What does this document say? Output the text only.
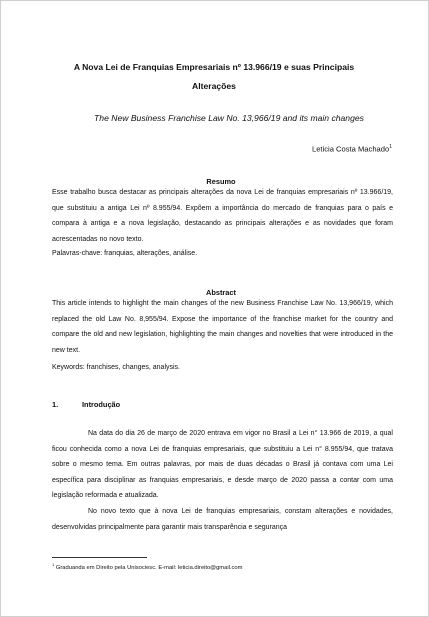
A Nova Lei de Franquias Empresariais nº 13.966/19 e suas Principais Alterações
The New Business Franchise Law No. 13,966/19 and its main changes
Leticia Costa Machado$^1$
Resumo
Esse trabalho busca destacar as principais alterações da nova Lei de franquias empresariais nº 13.966/19, que substituiu a antiga Lei nº 8.955/94. Expõem a importância do mercado de franquias para o país e compara à antiga e a nova legislação, destacando as principais alterações e as novidades que foram acrescentadas no novo texto.
Palavras-chave: franquias, alterações, análise.
Abstract
This article intends to highlight the main changes of the new Business Franchise Law No. 13,966/19, which replaced the old Law No. 8,955/94. Expose the importance of the franchise market for the country and compare the old and new legislation, highlighting the main changes and novelties that were introduced in the new text.
Keywords: franchises, changes, analysis.
1.	Introdução
Na data do dia 26 de março de 2020 entrava em vigor no Brasil a Lei n° 13.966 de 2019, a qual ficou conhecida como a nova Lei de franquias empresariais, que substituiu a Lei n° 8.955/94, que tratava sobre o mesmo tema. Em outras palavras, por mais de duas décadas o Brasil já contava com uma Lei específica para disciplinar as franquias empresariais, e desde março de 2020 passa a contar com uma legislação reformada e atualizada.
No novo texto que à nova Lei de franquias empresariais, constam alterações e novidades, desenvolvidas principalmente para garantir mais transparência e segurança
$^1$ Graduanda em Direito pela Unisociesc. E-mail: leticia.direito@gmail.com
